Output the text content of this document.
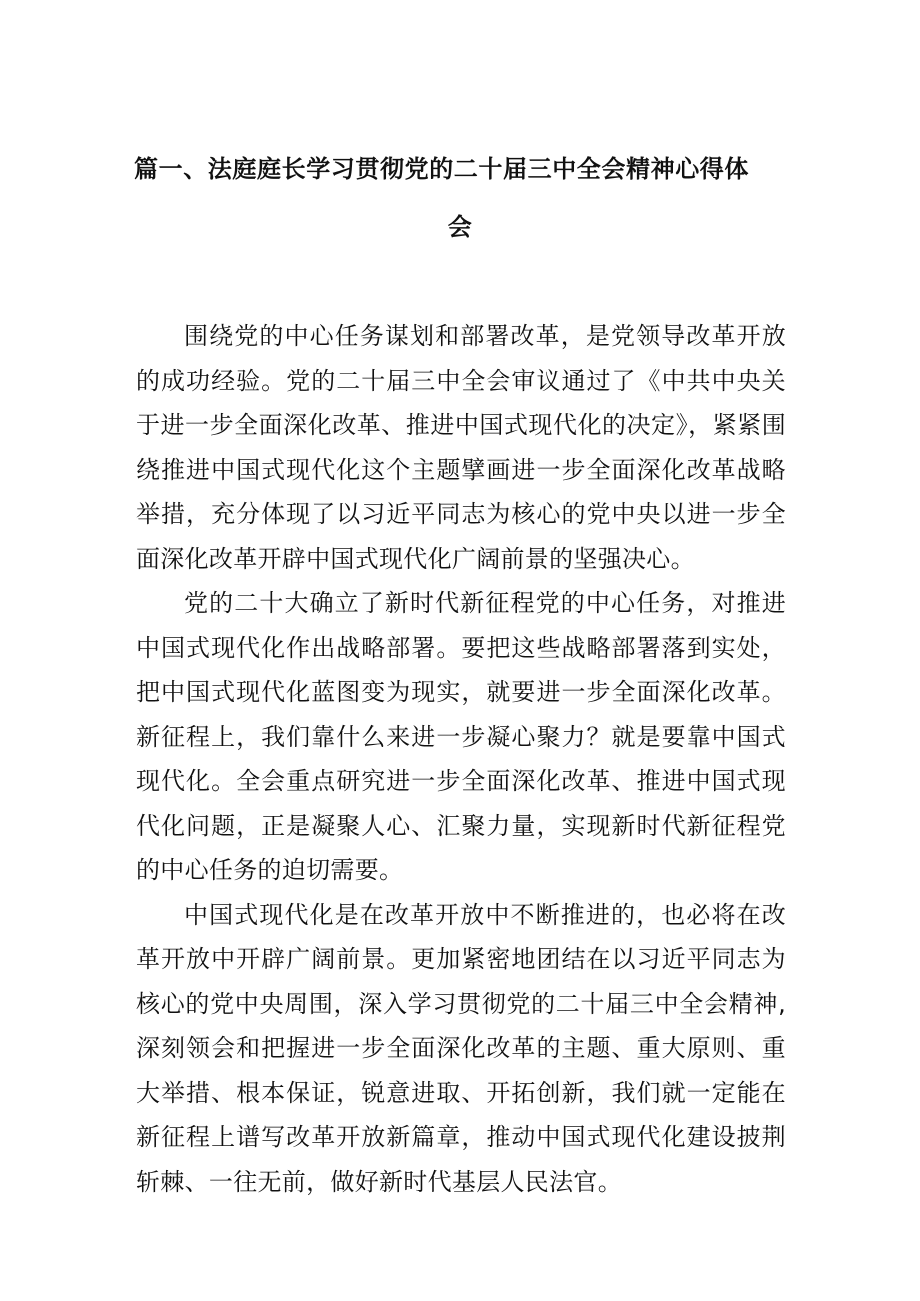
篇一、法庭庭长学习贯彻党的二十届三中全会精神心得体
会

围绕党的中心任务谋划和部署改革，是党领导改革开放的成功经验。党的二十届三中全会审议通过了《中共中央关于进一步全面深化改革、推进中国式现代化的决定》，紧紧围绕推进中国式现代化这个主题擘画进一步全面深化改革战略举措，充分体现了以习近平同志为核心的党中央以进一步全面深化改革开辟中国式现代化广阔前景的坚强决心。

党的二十大确立了新时代新征程党的中心任务，对推进中国式现代化作出战略部署。要把这些战略部署落到实处，把中国式现代化蓝图变为现实，就要进一步全面深化改革。新征程上，我们靠什么来进一步凝心聚力？就是要靠中国式现代化。全会重点研究进一步全面深化改革、推进中国式现代化问题，正是凝聚人心、汇聚力量，实现新时代新征程党的中心任务的迫切需要。

中国式现代化是在改革开放中不断推进的，也必将在改革开放中开辟广阔前景。更加紧密地团结在以习近平同志为核心的党中央周围，深入学习贯彻党的二十届三中全会精神,深刻领会和把握进一步全面深化改革的主题、重大原则、重大举措、根本保证，锐意进取、开拓创新，我们就一定能在新征程上谱写改革开放新篇章，推动中国式现代化建设披荆斩棘、一往无前，做好新时代基层人民法官。
